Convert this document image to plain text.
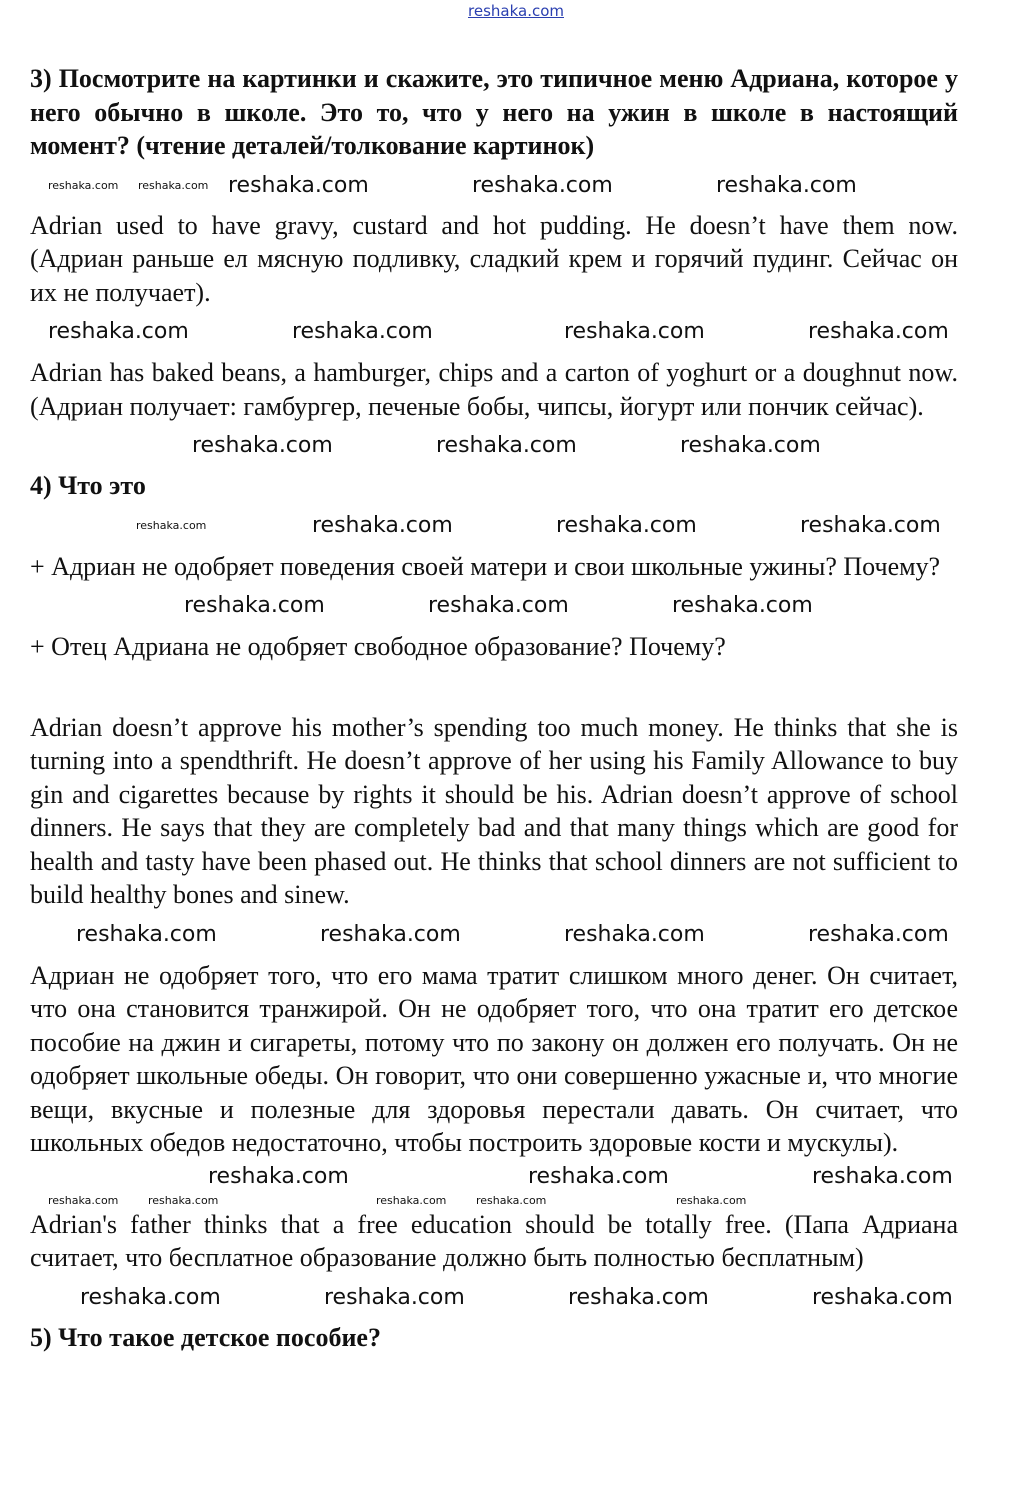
reshaka.com

3) Посмотрите на картинки и скажите, это типичное меню Адриана, которое у него обычно в школе. Это то, что у него на ужин в школе в настоящий момент? (чтение деталей/толкование картинок)

reshaka.com reshaka.com reshaka.com	reshaka.com	reshaka.com

Adrian used to have gravy, custard and hot pudding. He doesn’t have them now. (Адриан раньше ел мясную подливку, сладкий крем и горячий пудинг. Сейчас он их не получает).

reshaka.com	reshaka.com	reshaka.com	reshaka.com

Adrian has baked beans, a hamburger, chips and a carton of yoghurt or a doughnut now. (Адриан получает: гамбургер, печеные бобы, чипсы, йогурт или пончик сейчас).

reshaka.com	reshaka.com	reshaka.com

4) Что это

reshaka.com	reshaka.com	reshaka.com	reshaka.com

+ Адриан не одобряет поведения своей матери и свои школьные ужины? Почему?

reshaka.com	reshaka.com	reshaka.com

+ Отец Адриана не одобряет свободное образование? Почему?

Adrian doesn’t approve his mother’s spending too much money. He thinks that she is turning into a spendthrift. He doesn’t approve of her using his Family Allowance to buy gin and cigarettes because by rights it should be his. Adrian doesn’t approve of school dinners. He says that they are completely bad and that many things which are good for health and tasty have been phased out. He thinks that school dinners are not sufficient to build healthy bones and sinew.

reshaka.com	reshaka.com	reshaka.com	reshaka.com

Адриан не одобряет того, что его мама тратит слишком много денег. Он считает, что она становится транжирой. Он не одобряет того, что она тратит его детское пособие на джин и сигареты, потому что по закону он должен его получать. Он не одобряет школьные обеды. Он говорит, что они совершенно ужасные и, что многие вещи, вкусные и полезные для здоровья перестали давать. Он считает, что школьных обедов недостаточно, чтобы построить здоровые кости и мускулы).

reshaka.com	reshaka.com	reshaka.com
reshaka.com	reshaka.com	reshaka.com	reshaka.com	reshaka.com

Adrian's father thinks that a free education should be totally free. (Папа Адриана считает, что бесплатное образование должно быть полностью бесплатным)

reshaka.com	reshaka.com	reshaka.com	reshaka.com

5) Что такое детское пособие?
